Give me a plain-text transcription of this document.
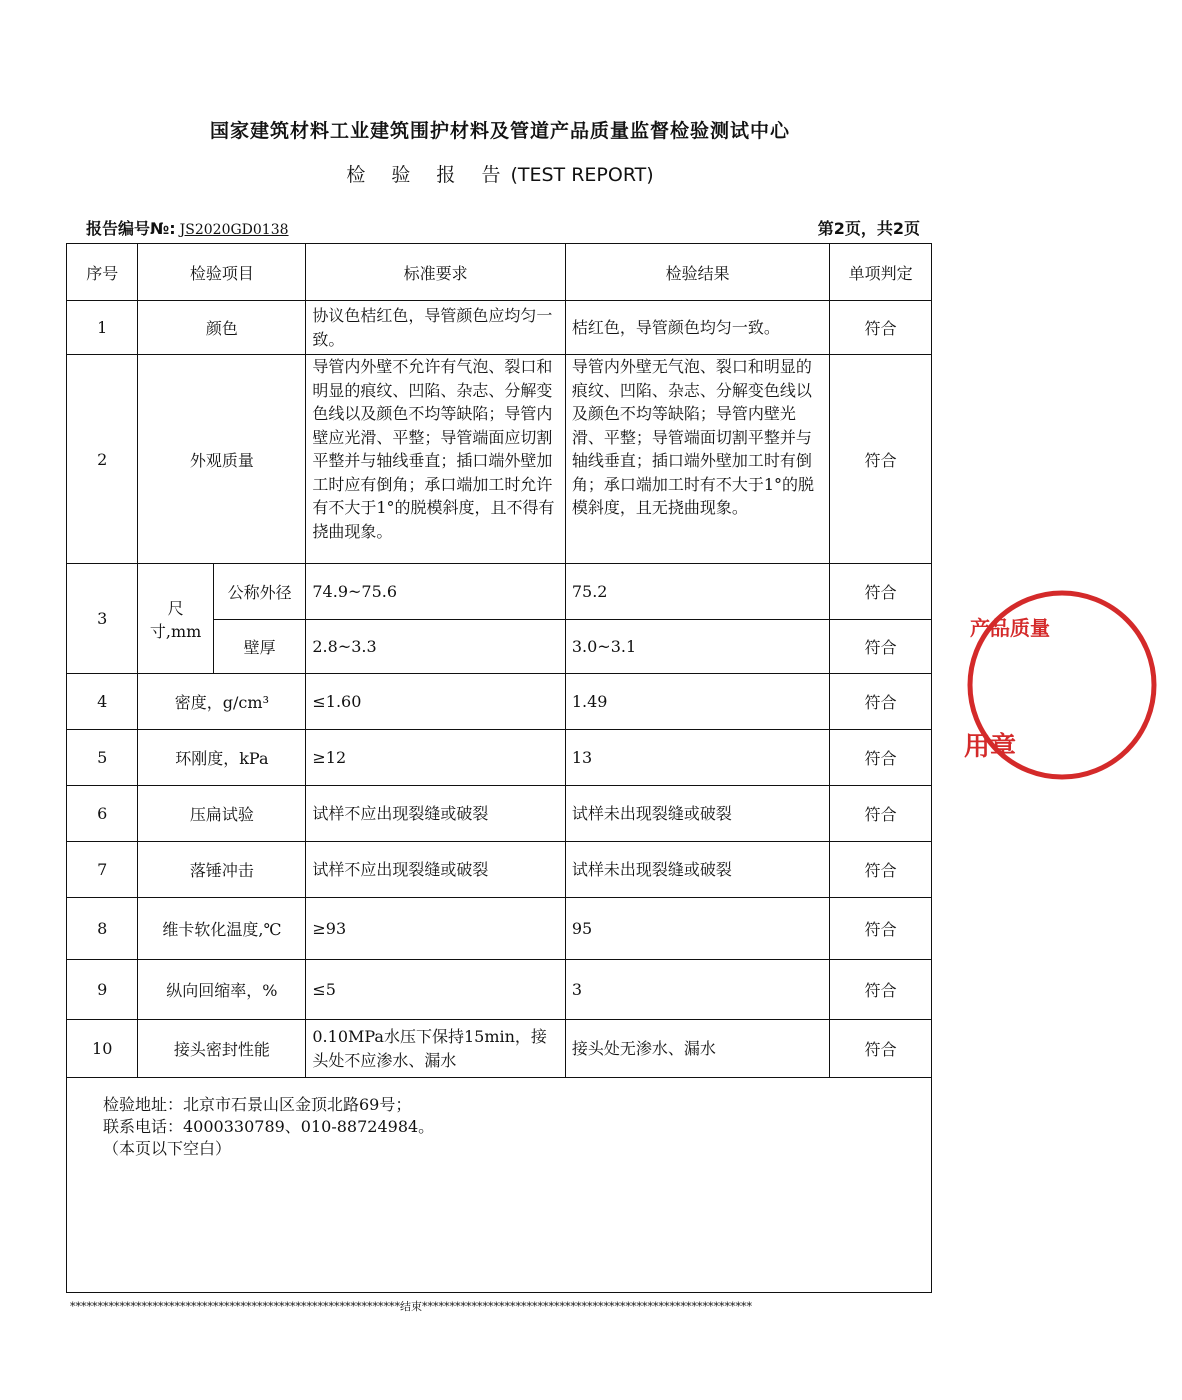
国家建筑材料工业建筑围护材料及管道产品质量监督检验测试中心
检 验 报 告(TEST REPORT)
报告编号№: JS2020GD0138	第2页，共2页
序号	检验项目		标准要求	检验结果	单项判定
1	颜色		协议色桔红色，导管颜色应均匀一致。	桔红色，导管颜色均匀一致。	符合
2	外观质量		导管内外壁不允许有气泡、裂口和明显的痕纹、凹陷、杂志、分解变色线以及颜色不均等缺陷；导管内壁应光滑、平整；导管端面应切割平整并与轴线垂直；插口端外壁加工时应有倒角；承口端加工时允许有不大于1°的脱模斜度，且不得有挠曲现象。	导管内外壁无气泡、裂口和明显的痕纹、凹陷、杂志、分解变色线以及颜色不均等缺陷；导管内壁光滑、平整；导管端面切割平整并与轴线垂直；插口端外壁加工时有倒角；承口端加工时有不大于1°的脱模斜度，且无挠曲现象。	符合
3	尺寸,mm	公称外径	74.9~75.6	75.2	符合
		壁厚	2.8~3.3	3.0~3.1	符合
4	密度，g/cm³		≤1.60	1.49	符合
5	环刚度，kPa		≥12	13	符合
6	压扁试验		试样不应出现裂缝或破裂	试样未出现裂缝或破裂	符合
7	落锤冲击		试样不应出现裂缝或破裂	试样未出现裂缝或破裂	符合
8	维卡软化温度,℃		≥93	95	符合
9	纵向回缩率，%		≤5	3	符合
10	接头密封性能		0.10MPa水压下保持15min，接头处不应渗水、漏水	接头处无渗水、漏水	符合
检验地址：北京市石景山区金顶北路69号；
联系电话：4000330789、010-88724984。
（本页以下空白）
************************************************************结束************************************************************
产品质量
用章
